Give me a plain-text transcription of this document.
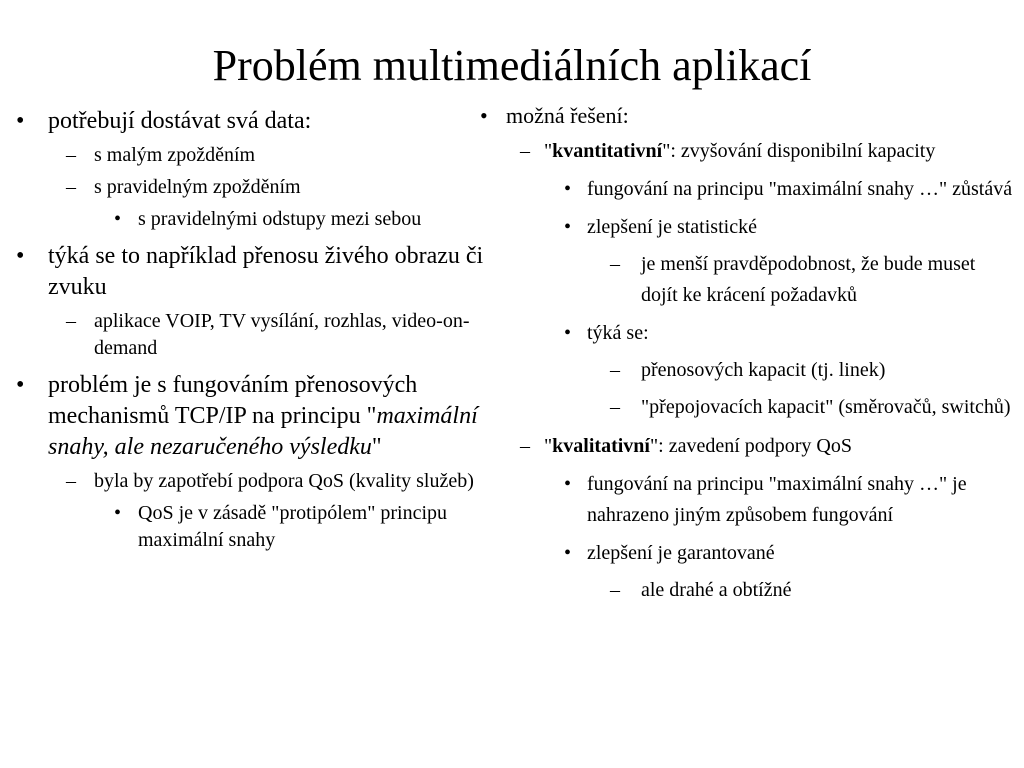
Problém multimediálních aplikací
• potřebují dostávat svá data:
– s malým zpožděním
– s pravidelným zpožděním
• s pravidelnými odstupy mezi sebou
• týká se to například přenosu živého obrazu či zvuku
– aplikace VOIP, TV vysílání, rozhlas, video-on-demand
• problém je s fungováním přenosových mechanismů TCP/IP na principu "maximální snahy, ale nezaručeného výsledku"
– byla by zapotřebí podpora QoS (kvality služeb)
• QoS je v zásadě "protipólem" principu maximální snahy
• možná řešení:
– "kvantitativní": zvyšování disponibilní kapacity
• fungování na principu "maximální snahy …" zůstává
• zlepšení je statistické
– je menší pravděpodobnost, že bude muset dojít ke krácení požadavků
• týká se:
– přenosových kapacit (tj. linek)
– "přepojovacích kapacit" (směrovačů, switchů)
– "kvalitativní": zavedení podpory QoS
• fungování na principu "maximální snahy …" je nahrazeno jiným způsobem fungování
• zlepšení je garantované
– ale drahé a obtížné
